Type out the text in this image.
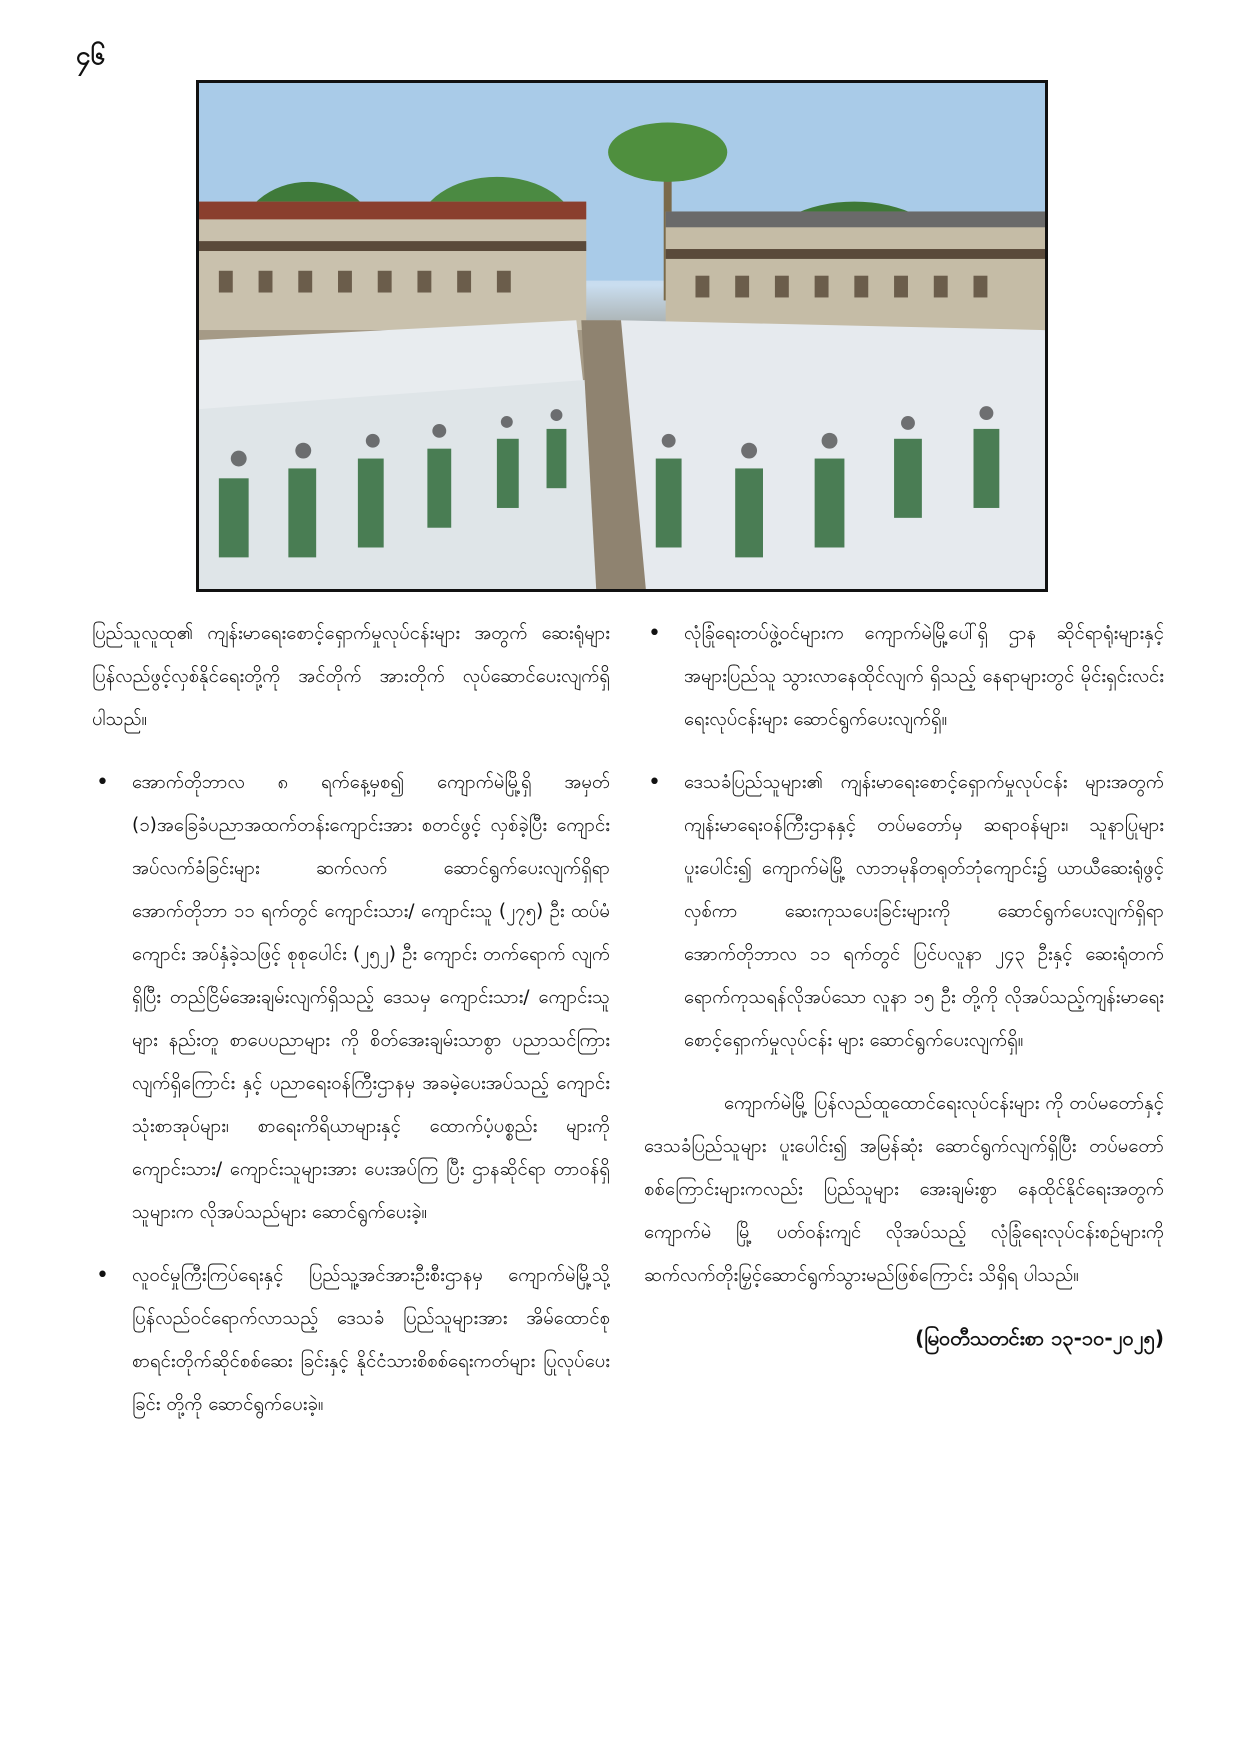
၄၆

ပြည်သူလူထု၏ ကျန်းမာရေးစောင့်ရှောက်မှုလုပ်ငန်းများ အတွက် ဆေးရုံများပြန်လည်ဖွင့်လှစ်နိုင်ရေးတို့ကို အင်တိုက် အားတိုက် လုပ်ဆောင်ပေးလျက်ရှိပါသည်။

• အောက်တိုဘာလ ၈ ရက်နေ့မှစ၍ ကျောက်မဲမြို့ရှိ အမှတ် (၁)အခြေခံပညာအထက်တန်းကျောင်းအား စတင်ဖွင့် လှစ်ခဲ့ပြီး ကျောင်းအပ်လက်ခံခြင်းများ ဆက်လက် ဆောင်ရွက်ပေးလျက်ရှိရာ အောက်တိုဘာ ၁၁ ရက်တွင် ကျောင်းသား/ ကျောင်းသူ (၂၇၅) ဦး ထပ်မံကျောင်း အပ်နှံခဲ့သဖြင့် စုစုပေါင်း (၂၅၂) ဦး ကျောင်း တက်ရောက် လျက်ရှိပြီး တည်ငြိမ်အေးချမ်းလျက်ရှိသည့် ဒေသမှ ကျောင်းသား/ ကျောင်းသူများ နည်းတူ စာပေပညာများ ကို စိတ်အေးချမ်းသာစွာ ပညာသင်ကြားလျက်ရှိကြောင်း နှင့် ပညာရေးဝန်ကြီးဌာနမှ အခမဲ့ပေးအပ်သည့် ကျောင်း သုံးစာအုပ်များ၊ စာရေးကိရိယာများနှင့် ထောက်ပံ့ပစ္စည်း များကို ကျောင်းသား/ ကျောင်းသူများအား ပေးအပ်ကြ ပြီး ဌာနဆိုင်ရာ တာဝန်ရှိသူများက လိုအပ်သည်များ ဆောင်ရွက်ပေးခဲ့။
• လူဝင်မှုကြီးကြပ်ရေးနှင့် ပြည်သူ့အင်အားဦးစီးဌာနမှ ကျောက်မဲမြို့သို့ ပြန်လည်ဝင်ရောက်လာသည့် ဒေသခံ ပြည်သူများအား အိမ်ထောင်စုစာရင်းတိုက်ဆိုင်စစ်ဆေး ခြင်းနှင့် နိုင်ငံသားစိစစ်ရေးကတ်များ ပြုလုပ်ပေးခြင်း တို့ကို ဆောင်ရွက်ပေးခဲ့။
• လုံခြုံရေးတပ်ဖွဲ့ဝင်များက ကျောက်မဲမြို့ပေါ်ရှိ ဌာန ဆိုင်ရာရုံးများနှင့် အများပြည်သူ သွားလာနေထိုင်လျက် ရှိသည့် နေရာများတွင် မိုင်းရှင်းလင်းရေးလုပ်ငန်းများ ဆောင်ရွက်ပေးလျက်ရှိ။
• ဒေသခံပြည်သူများ၏ ကျန်းမာရေးစောင့်ရှောက်မှုလုပ်ငန်း များအတွက် ကျန်းမာရေးဝန်ကြီးဌာနနှင့် တပ်မတော်မှ ဆရာဝန်များ၊ သူနာပြုများ ပူးပေါင်း၍ ကျောက်မဲမြို့ လာဘမုနိတရုတ်ဘုံကျောင်း၌ ယာယီဆေးရုံဖွင့်လှစ်ကာ ဆေးကုသပေးခြင်းများကို ဆောင်ရွက်ပေးလျက်ရှိရာ အောက်တိုဘာလ ၁၁ ရက်တွင် ပြင်ပလူနာ ၂၄၃ ဦးနှင့် ဆေးရုံတက်ရောက်ကုသရန်လိုအပ်သော လူနာ ၁၅ ဦး တို့ကို လိုအပ်သည့်ကျန်းမာရေးစောင့်ရှောက်မှုလုပ်ငန်း များ ဆောင်ရွက်ပေးလျက်ရှိ။

ကျောက်မဲမြို့ ပြန်လည်ထူထောင်ရေးလုပ်ငန်းများ ကို တပ်မတော်နှင့် ဒေသခံပြည်သူများ ပူးပေါင်း၍ အမြန်ဆုံး ဆောင်ရွက်လျက်ရှိပြီး တပ်မတော်စစ်ကြောင်းများကလည်း ပြည်သူများ အေးချမ်းစွာ နေထိုင်နိုင်ရေးအတွက် ကျောက်မဲ မြို့ ပတ်ဝန်းကျင် လိုအပ်သည့် လုံခြုံရေးလုပ်ငန်းစဉ်များကို ဆက်လက်တိုးမြှင့်ဆောင်ရွက်သွားမည်ဖြစ်ကြောင်း သိရှိရ ပါသည်။

(မြဝတီသတင်းစာ ၁၃-၁၀-၂၀၂၅)
